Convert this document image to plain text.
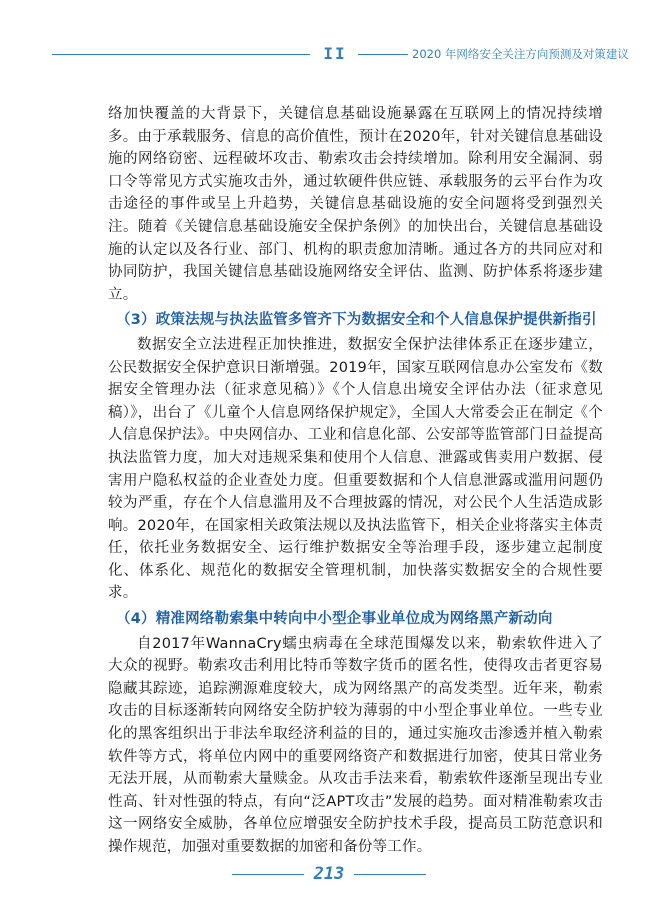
II	2020 年网络安全关注方向预测及对策建议

络加快覆盖的大背景下，关键信息基础设施暴露在互联网上的情况持续增多。由于承载服务、信息的高价值性，预计在2020年，针对关键信息基础设施的网络窃密、远程破坏攻击、勒索攻击会持续增加。除利用安全漏洞、弱口令等常见方式实施攻击外，通过软硬件供应链、承载服务的云平台作为攻击途径的事件或呈上升趋势，关键信息基础设施的安全问题将受到强烈关注。随着《关键信息基础设施安全保护条例》的加快出台，关键信息基础设施的认定以及各行业、部门、机构的职责愈加清晰。通过各方的共同应对和协同防护，我国关键信息基础设施网络安全评估、监测、防护体系将逐步建立。

（3）政策法规与执法监管多管齐下为数据安全和个人信息保护提供新指引

数据安全立法进程正加快推进，数据安全保护法律体系正在逐步建立，公民数据安全保护意识日渐增强。2019年，国家互联网信息办公室发布《数据安全管理办法（征求意见稿）》《个人信息出境安全评估办法（征求意见稿）》，出台了《儿童个人信息网络保护规定》，全国人大常委会正在制定《个人信息保护法》。中央网信办、工业和信息化部、公安部等监管部门日益提高执法监管力度，加大对违规采集和使用个人信息、泄露或售卖用户数据、侵害用户隐私权益的企业查处力度。但重要数据和个人信息泄露或滥用问题仍较为严重，存在个人信息滥用及不合理披露的情况，对公民个人生活造成影响。2020年，在国家相关政策法规以及执法监管下，相关企业将落实主体责任，依托业务数据安全、运行维护数据安全等治理手段，逐步建立起制度化、体系化、规范化的数据安全管理机制，加快落实数据安全的合规性要求。

（4）精准网络勒索集中转向中小型企事业单位成为网络黑产新动向

自2017年WannaCry蠕虫病毒在全球范围爆发以来，勒索软件进入了大众的视野。勒索攻击利用比特币等数字货币的匿名性，使得攻击者更容易隐藏其踪迹，追踪溯源难度较大，成为网络黑产的高发类型。近年来，勒索攻击的目标逐渐转向网络安全防护较为薄弱的中小型企事业单位。一些专业化的黑客组织出于非法牟取经济利益的目的，通过实施攻击渗透并植入勒索软件等方式，将单位内网中的重要网络资产和数据进行加密，使其日常业务无法开展，从而勒索大量赎金。从攻击手法来看，勒索软件逐渐呈现出专业性高、针对性强的特点，有向“泛APT攻击”发展的趋势。面对精准勒索攻击这一网络安全威胁，各单位应增强安全防护技术手段，提高员工防范意识和操作规范，加强对重要数据的加密和备份等工作。

213
